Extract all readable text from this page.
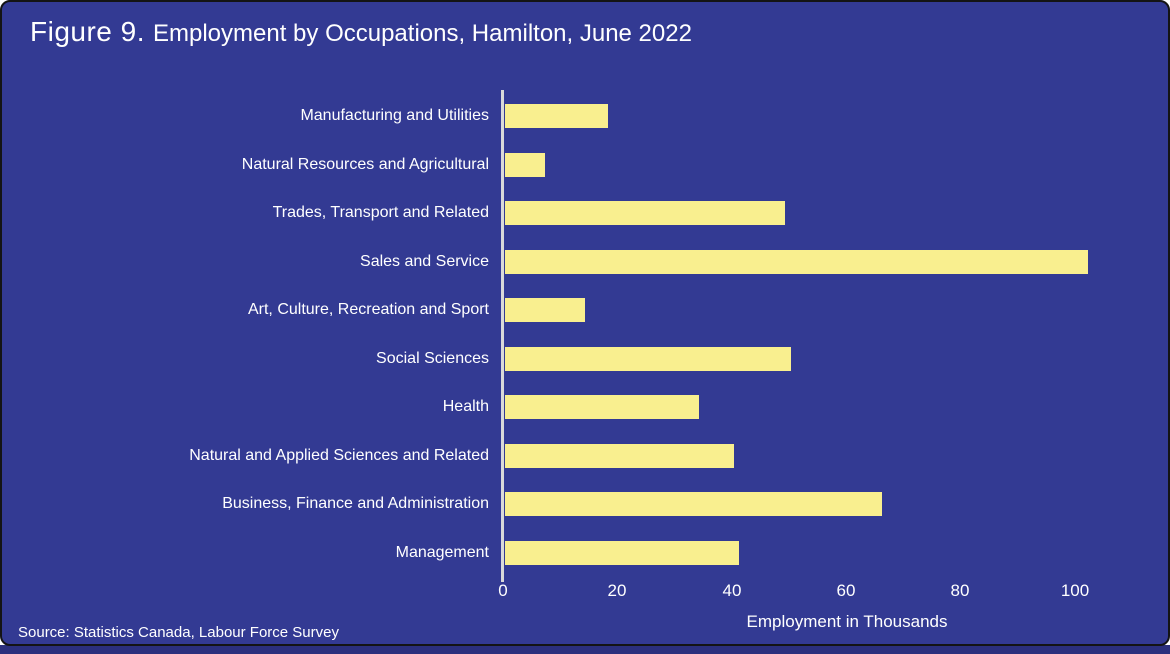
Figure 9. Employment by Occupations, Hamilton, June 2022
Manufacturing and Utilities
Natural Resources and Agricultural
Trades, Transport and Related
Sales and Service
Art, Culture, Recreation and Sport
Social Sciences
Health
Natural and Applied Sciences and Related
Business, Finance and Administration
Management
0	20	40	60	80	100
Employment in Thousands
Source: Statistics Canada, Labour Force Survey
